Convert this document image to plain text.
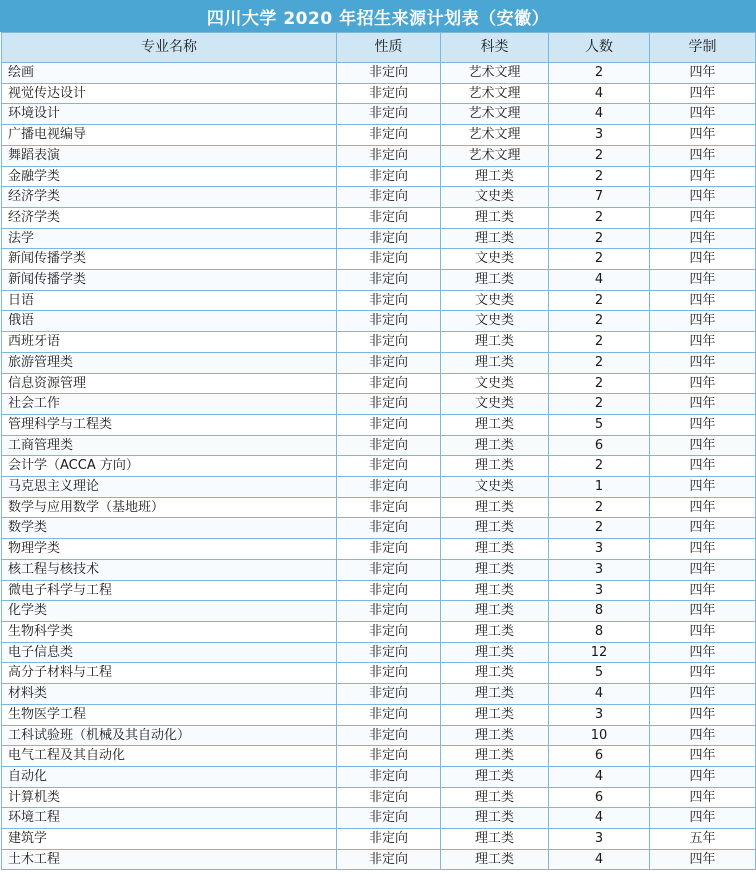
四川大学 2020 年招生来源计划表（安徽）
专业名称	性质	科类	人数	学制
绘画	非定向	艺术文理	2	四年
视觉传达设计	非定向	艺术文理	4	四年
环境设计	非定向	艺术文理	4	四年
广播电视编导	非定向	艺术文理	3	四年
舞蹈表演	非定向	艺术文理	2	四年
金融学类	非定向	理工类	2	四年
经济学类	非定向	文史类	7	四年
经济学类	非定向	理工类	2	四年
法学	非定向	理工类	2	四年
新闻传播学类	非定向	文史类	2	四年
新闻传播学类	非定向	理工类	4	四年
日语	非定向	文史类	2	四年
俄语	非定向	文史类	2	四年
西班牙语	非定向	理工类	2	四年
旅游管理类	非定向	理工类	2	四年
信息资源管理	非定向	文史类	2	四年
社会工作	非定向	文史类	2	四年
管理科学与工程类	非定向	理工类	5	四年
工商管理类	非定向	理工类	6	四年
会计学（ACCA 方向）	非定向	理工类	2	四年
马克思主义理论	非定向	文史类	1	四年
数学与应用数学（基地班）	非定向	理工类	2	四年
数学类	非定向	理工类	2	四年
物理学类	非定向	理工类	3	四年
核工程与核技术	非定向	理工类	3	四年
微电子科学与工程	非定向	理工类	3	四年
化学类	非定向	理工类	8	四年
生物科学类	非定向	理工类	8	四年
电子信息类	非定向	理工类	12	四年
高分子材料与工程	非定向	理工类	5	四年
材料类	非定向	理工类	4	四年
生物医学工程	非定向	理工类	3	四年
工科试验班（机械及其自动化）	非定向	理工类	10	四年
电气工程及其自动化	非定向	理工类	6	四年
自动化	非定向	理工类	4	四年
计算机类	非定向	理工类	6	四年
环境工程	非定向	理工类	4	四年
建筑学	非定向	理工类	3	五年
土木工程	非定向	理工类	4	四年
